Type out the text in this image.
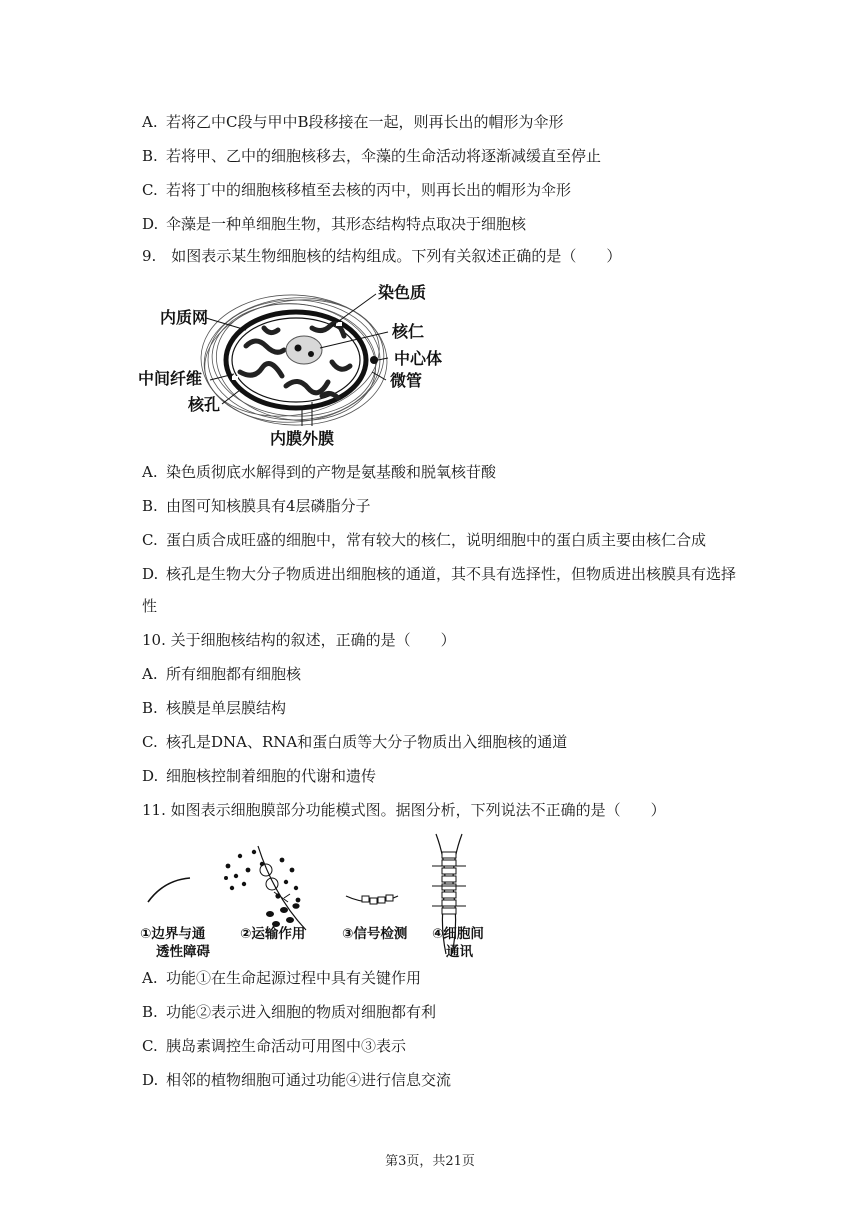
A. 若将乙中C段与甲中B段移接在一起，则再长出的帽形为伞形
B. 若将甲、乙中的细胞核移去，伞藻的生命活动将逐渐减缓直至停止
C. 若将丁中的细胞核移植至去核的丙中，则再长出的帽形为伞形
D. 伞藻是一种单细胞生物，其形态结构特点取决于细胞核
9.　如图表示某生物细胞核的结构组成。下列有关叙述正确的是（　　）
染色质
内质网
核仁
中心体
中间纤维	微管
核孔
内膜外膜
A. 染色质彻底水解得到的产物是氨基酸和脱氧核苷酸
B. 由图可知核膜具有4层磷脂分子
C. 蛋白质合成旺盛的细胞中，常有较大的核仁，说明细胞中的蛋白质主要由核仁合成
D. 核孔是生物大分子物质进出细胞核的通道，其不具有选择性，但物质进出核膜具有选择
性
10. 关于细胞核结构的叙述，正确的是（　　）
A. 所有细胞都有细胞核
B. 核膜是单层膜结构
C. 核孔是DNA、RNA和蛋白质等大分子物质出入细胞核的通道
D. 细胞核控制着细胞的代谢和遗传
11. 如图表示细胞膜部分功能模式图。据图分析，下列说法不正确的是（　　）
①边界与通
透性障碍
②运输作用	③信号检测 ④细胞间
通讯
A. 功能①在生命起源过程中具有关键作用
B. 功能②表示进入细胞的物质对细胞都有利
C. 胰岛素调控生命活动可用图中③表示
D. 相邻的植物细胞可通过功能④进行信息交流
第3页，共21页
